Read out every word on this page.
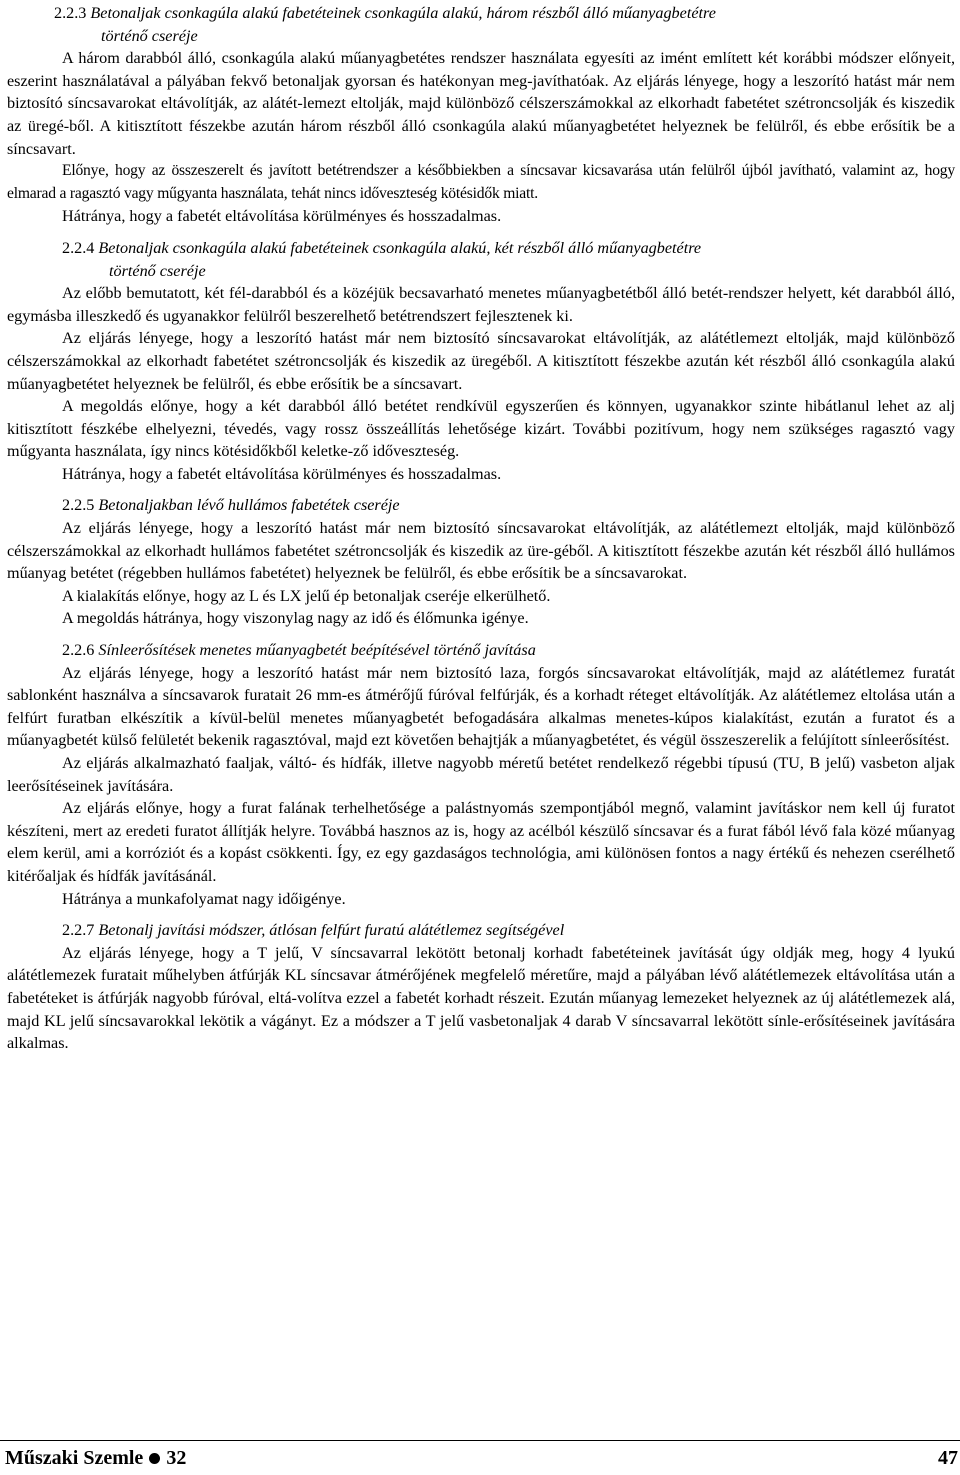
2.2.3 Betonaljak csonkagúla alakú fabetéteinek csonkagúla alakú, három részből álló műanyagbetétre
történő cseréje

A három darabból álló, csonkagúla alakú műanyagbetétes rendszer használata egyesíti az imént említett két korábbi módszer előnyeit, eszerint használatával a pályában fekvő betonaljak gyorsan és hatékonyan meg-javíthatóak. Az eljárás lényege, hogy a leszorító hatást már nem biztosító síncsavarokat eltávolítják, az alátét-lemezt eltolják, majd különböző célszerszámokkal az elkorhadt fabetétet szétroncsolják és kiszedik az üregé-ből. A kitisztított fészekbe azután három részből álló csonkagúla alakú műanyagbetétet helyeznek be felülről, és ebbe erősítik be a síncsavart.

Előnye, hogy az összeszerelt és javított betétrendszer a későbbiekben a síncsavar kicsavarása után felülről újból javítható, valamint az, hogy elmarad a ragasztó vagy műgyanta használata, tehát nincs időveszteség kötésidők miatt.

Hátránya, hogy a fabetét eltávolítása körülményes és hosszadalmas.

2.2.4 Betonaljak csonkagúla alakú fabetéteinek csonkagúla alakú, két részből álló műanyagbetétre
történő cseréje

Az előbb bemutatott, két fél-darabból és a közéjük becsavarható menetes műanyagbetétből álló betét-rendszer helyett, két darabból álló, egymásba illeszkedő és ugyanakkor felülről beszerelhető betétrendszert fejlesztenek ki.

Az eljárás lényege, hogy a leszorító hatást már nem biztosító síncsavarokat eltávolítják, az alátétlemezt eltolják, majd különböző célszerszámokkal az elkorhadt fabetétet szétroncsolják és kiszedik az üregéből. A kitisztított fészekbe azután két részből álló csonkagúla alakú műanyagbetétet helyeznek be felülről, és ebbe erősítik be a síncsavart.

A megoldás előnye, hogy a két darabból álló betétet rendkívül egyszerűen és könnyen, ugyanakkor szinte hibátlanul lehet az alj kitisztított fészkébe elhelyezni, tévedés, vagy rossz összeállítás lehetősége kizárt. További pozitívum, hogy nem szükséges ragasztó vagy műgyanta használata, így nincs kötésidőkből keletke-ző időveszteség.

Hátránya, hogy a fabetét eltávolítása körülményes és hosszadalmas.

2.2.5 Betonaljakban lévő hullámos fabetétek cseréje

Az eljárás lényege, hogy a leszorító hatást már nem biztosító síncsavarokat eltávolítják, az alátétlemezt eltolják, majd különböző célszerszámokkal az elkorhadt hullámos fabetétet szétroncsolják és kiszedik az üre-géből. A kitisztított fészekbe azután két részből álló hullámos műanyag betétet (régebben hullámos fabetétet) helyeznek be felülről, és ebbe erősítik be a síncsavarokat.

A kialakítás előnye, hogy az L és LX jelű ép betonaljak cseréje elkerülhető.

A megoldás hátránya, hogy viszonylag nagy az idő és élőmunka igénye.

2.2.6 Sínleerősítések menetes műanyagbetét beépítésével történő javítása

Az eljárás lényege, hogy a leszorító hatást már nem biztosító laza, forgós síncsavarokat eltávolítják, majd az alátétlemez furatát sablonként használva a síncsavarok furatait 26 mm-es átmérőjű fúróval felfúrják, és a korhadt réteget eltávolítják. Az alátétlemez eltolása után a felfúrt furatban elkészítik a kívül-belül menetes műanyagbetét befogadására alkalmas menetes-kúpos kialakítást, ezután a furatot és a műanyagbetét külső felületét bekenik ragasztóval, majd ezt követően behajtják a műanyagbetétet, és végül összeszerelik a felújított sínleerősítést.

Az eljárás alkalmazható faaljak, váltó- és hídfák, illetve nagyobb méretű betétet rendelkező régebbi típusú (TU, B jelű) vasbeton aljak leerősítéseinek javítására.

Az eljárás előnye, hogy a furat falának terhelhetősége a palástnyomás szempontjából megnő, valamint javításkor nem kell új furatot készíteni, mert az eredeti furatot állítják helyre. Továbbá hasznos az is, hogy az acélból készülő síncsavar és a furat fából lévő fala közé műanyag elem kerül, ami a korróziót és a kopást csökkenti. Így, ez egy gazdaságos technológia, ami különösen fontos a nagy értékű és nehezen cserélhető kitérőaljak és hídfák javításánál.

Hátránya a munkafolyamat nagy időigénye.

2.2.7 Betonalj javítási módszer, átlósan felfúrt furatú alátétlemez segítségével

Az eljárás lényege, hogy a T jelű, V síncsavarral lekötött betonalj korhadt fabetéteinek javítását úgy oldják meg, hogy 4 lyukú alátétlemezek furatait műhelyben átfúrják KL síncsavar átmérőjének megfelelő méretűre, majd a pályában lévő alátétlemezek eltávolítása után a fabetéteket is átfúrják nagyobb fúróval, eltá-volítva ezzel a fabetét korhadt részeit. Ezután műanyag lemezeket helyeznek az új alátétlemezek alá, majd KL jelű síncsavarokkal lekötik a vágányt. Ez a módszer a T jelű vasbetonaljak 4 darab V síncsavarral lekötött sínle-erősítéseinek javítására alkalmas.

Műszaki Szemle 32	47
